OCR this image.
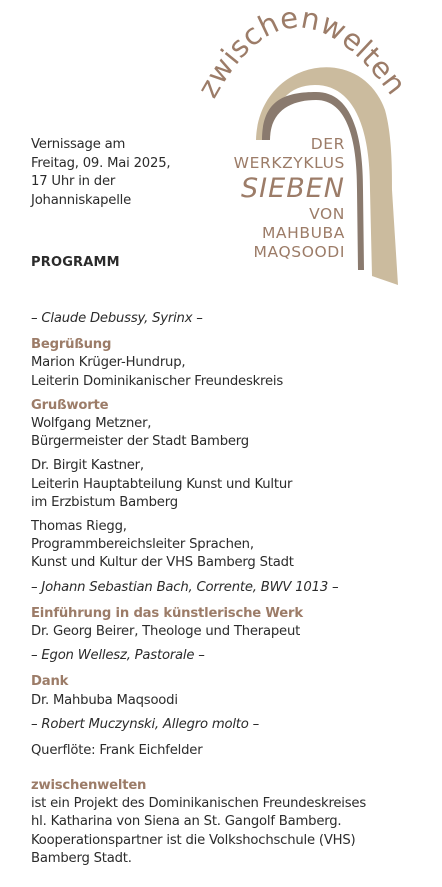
zwischenwelten
Vernissage am
Freitag, 09. Mai 2025,
17 Uhr in der
Johanniskapelle
PROGRAMM
DER
WERKZYKLUS
SIEBEN
VON
MAHBUBA
MAQSOODI
– Claude Debussy, Syrinx –
Begrüßung
Marion Krüger-Hundrup,
Leiterin Dominikanischer Freundeskreis
Grußworte
Wolfgang Metzner,
Bürgermeister der Stadt Bamberg
Dr. Birgit Kastner,
Leiterin Hauptabteilung Kunst und Kultur
im Erzbistum Bamberg
Thomas Riegg,
Programmbereichsleiter Sprachen,
Kunst und Kultur der VHS Bamberg Stadt
– Johann Sebastian Bach, Corrente, BWV 1013 –
Einführung in das künstlerische Werk
Dr. Georg Beirer, Theologe und Therapeut
– Egon Wellesz, Pastorale –
Dank
Dr. Mahbuba Maqsoodi
– Robert Muczynski, Allegro molto –
Querflöte: Frank Eichfelder
zwischenwelten
ist ein Projekt des Dominikanischen Freundeskreises
hl. Katharina von Siena an St. Gangolf Bamberg.
Kooperationspartner ist die Volkshochschule (VHS)
Bamberg Stadt.
